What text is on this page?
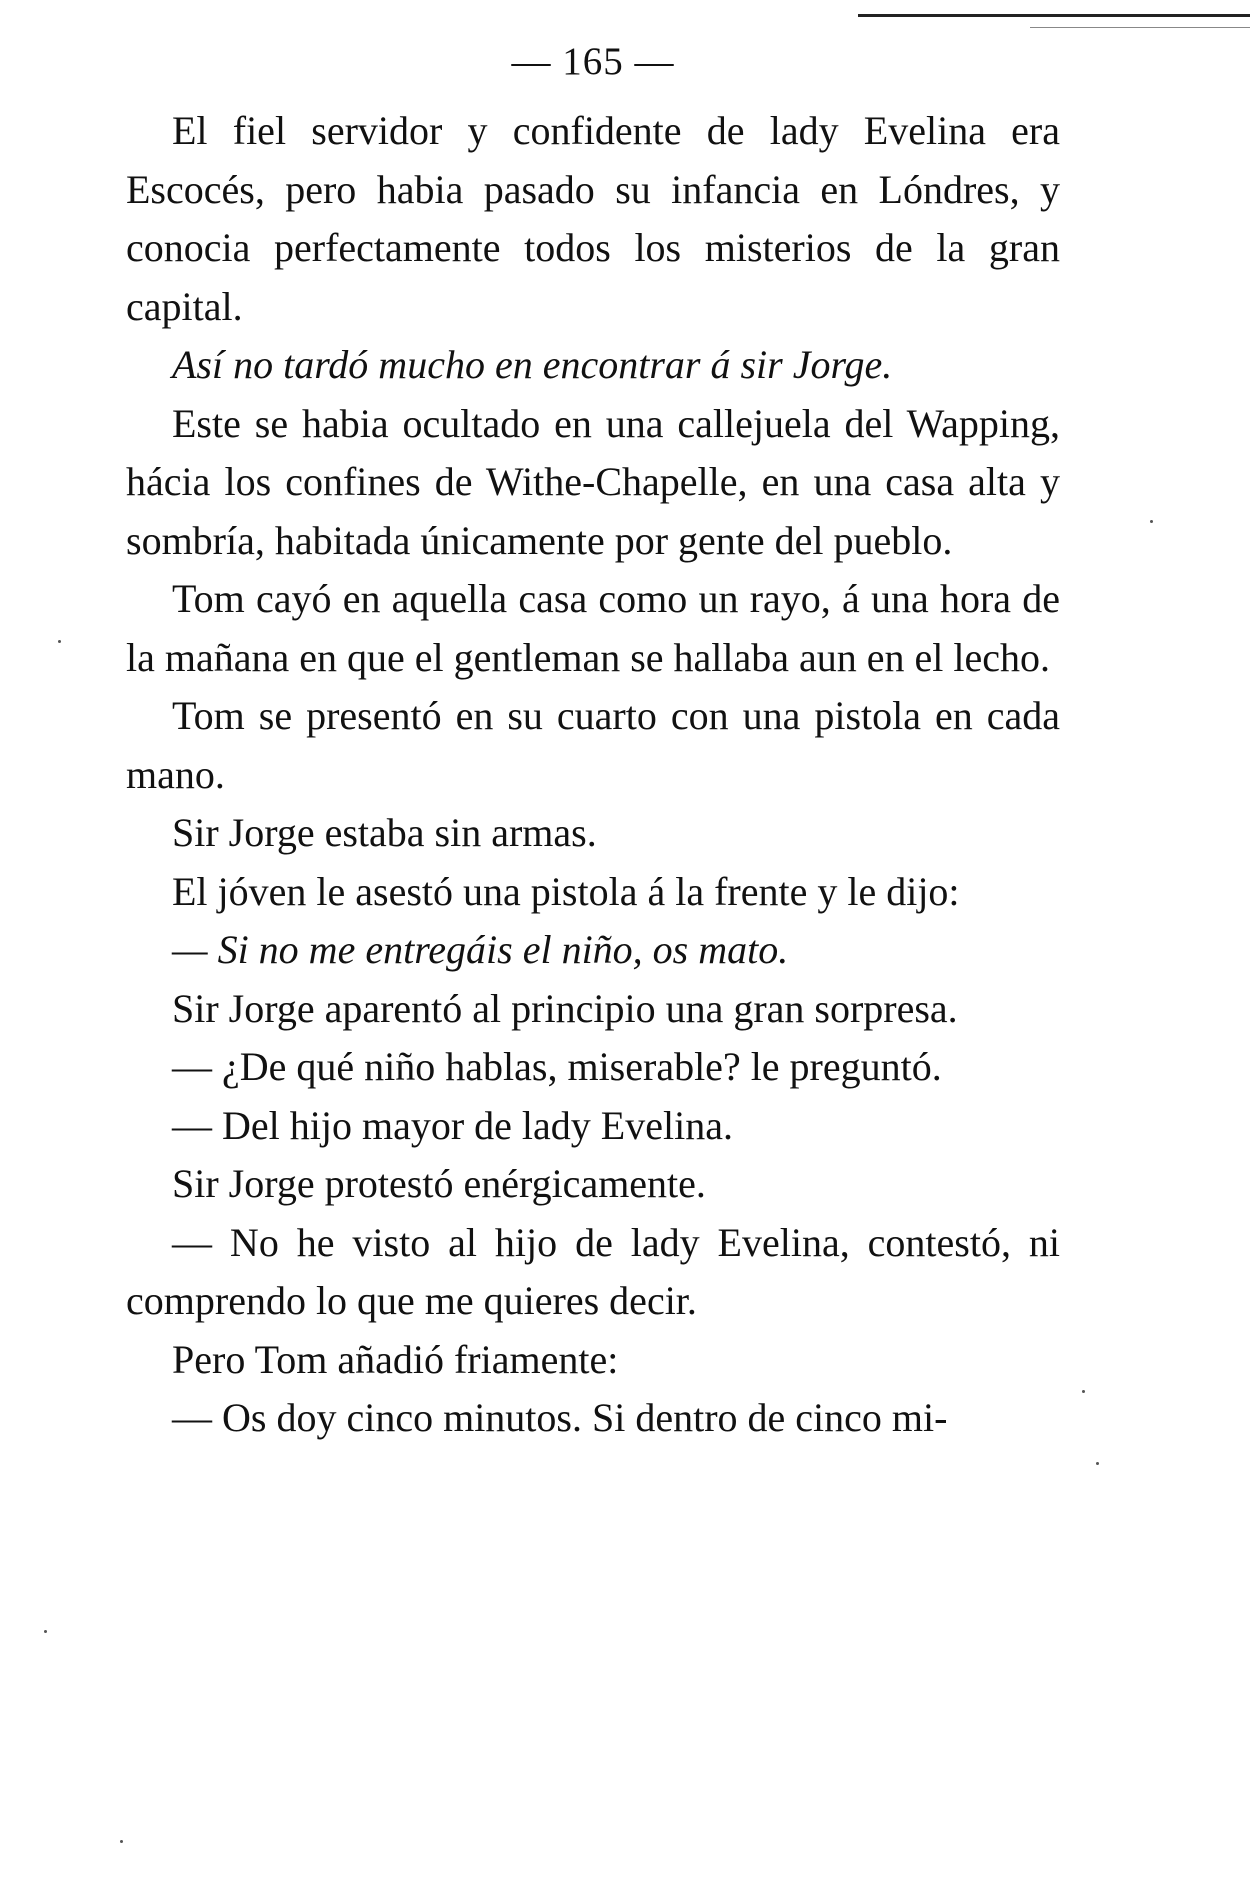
— 165 —

El fiel servidor y confidente de lady Evelina era Escocés, pero habia pasado su infancia en Lóndres, y conocia perfectamente todos los misterios de la gran capital.

Así no tardó mucho en encontrar á sir Jorge.

Este se habia ocultado en una callejuela del Wapping, hácia los confines de Withe-Chapelle, en una casa alta y sombría, habitada únicamente por gente del pueblo.

Tom cayó en aquella casa como un rayo, á una hora de la mañana en que el gentleman se hallaba aun en el lecho.

Tom se presentó en su cuarto con una pistola en cada mano.

Sir Jorge estaba sin armas.

El jóven le asestó una pistola á la frente y le dijo:

— Si no me entregáis el niño, os mato.

Sir Jorge aparentó al principio una gran sorpresa.

— ¿De qué niño hablas, miserable? le preguntó.

— Del hijo mayor de lady Evelina.

Sir Jorge protestó enérgicamente.

— No he visto al hijo de lady Evelina, contestó, ni comprendo lo que me quieres decir.

Pero Tom añadió friamente:

— Os doy cinco minutos. Si dentro de cinco mi-
